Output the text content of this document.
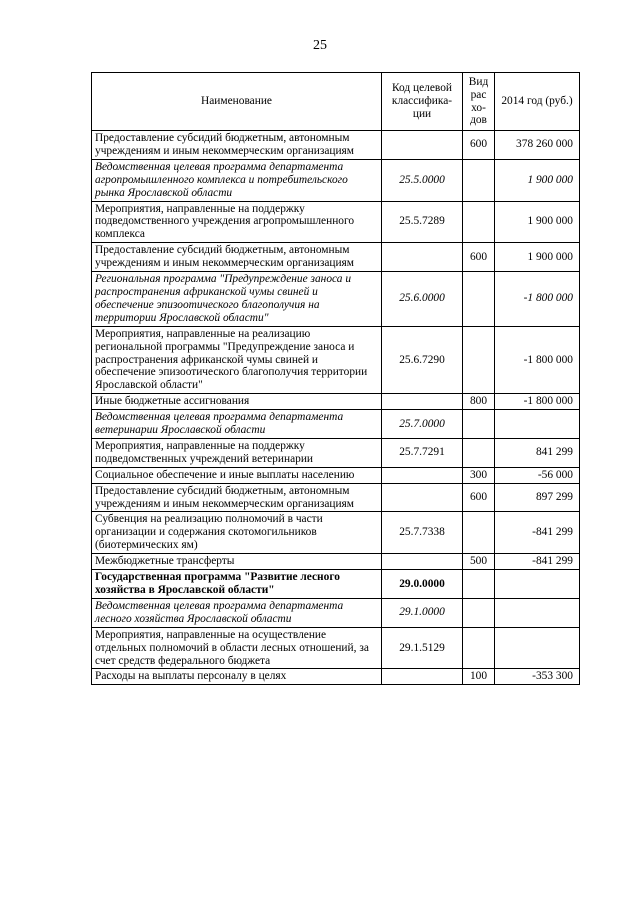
25
Наименование	Код целевой классифика-ции	Вид рас хо-дов	2014 год (руб.)
Предоставление субсидий бюджетным, автономным учреждениям и иным некоммерческим организациям		600	378 260 000
Ведомственная целевая программа департамента агропромышленного комплекса и потребительского рынка Ярославской области	25.5.0000		1 900 000
Мероприятия, направленные на поддержку подведомственного учреждения агропромышленного комплекса	25.5.7289		1 900 000
Предоставление субсидий бюджетным, автономным учреждениям и иным некоммерческим организациям		600	1 900 000
Региональная программа "Предупреждение заноса и распространения африканской чумы свиней и обеспечение эпизоотического благополучия на территории Ярославской области"	25.6.0000		-1 800 000
Мероприятия, направленные на реализацию региональной программы "Предупреждение заноса и распространения африканской чумы свиней и обеспечение эпизоотического благополучия территории Ярославской области"	25.6.7290		-1 800 000
Иные бюджетные ассигнования		800	-1 800 000
Ведомственная целевая программа департамента ветеринарии Ярославской области	25.7.0000		
Мероприятия, направленные на поддержку подведомственных учреждений ветеринарии	25.7.7291		841 299
Социальное обеспечение и иные выплаты населению		300	-56 000
Предоставление субсидий бюджетным, автономным учреждениям и иным некоммерческим организациям		600	897 299
Субвенция на реализацию полномочий в части организации и содержания скотомогильников (биотермических ям)	25.7.7338		-841 299
Межбюджетные трансферты		500	-841 299
Государственная программа "Развитие лесного хозяйства в Ярославской области"	29.0.0000		
Ведомственная целевая программа департамента лесного хозяйства Ярославской области	29.1.0000		
Мероприятия, направленные на осуществление отдельных полномочий в области лесных отношений, за счет средств федерального бюджета	29.1.5129		
Расходы на выплаты персоналу в целях		100	-353 300
